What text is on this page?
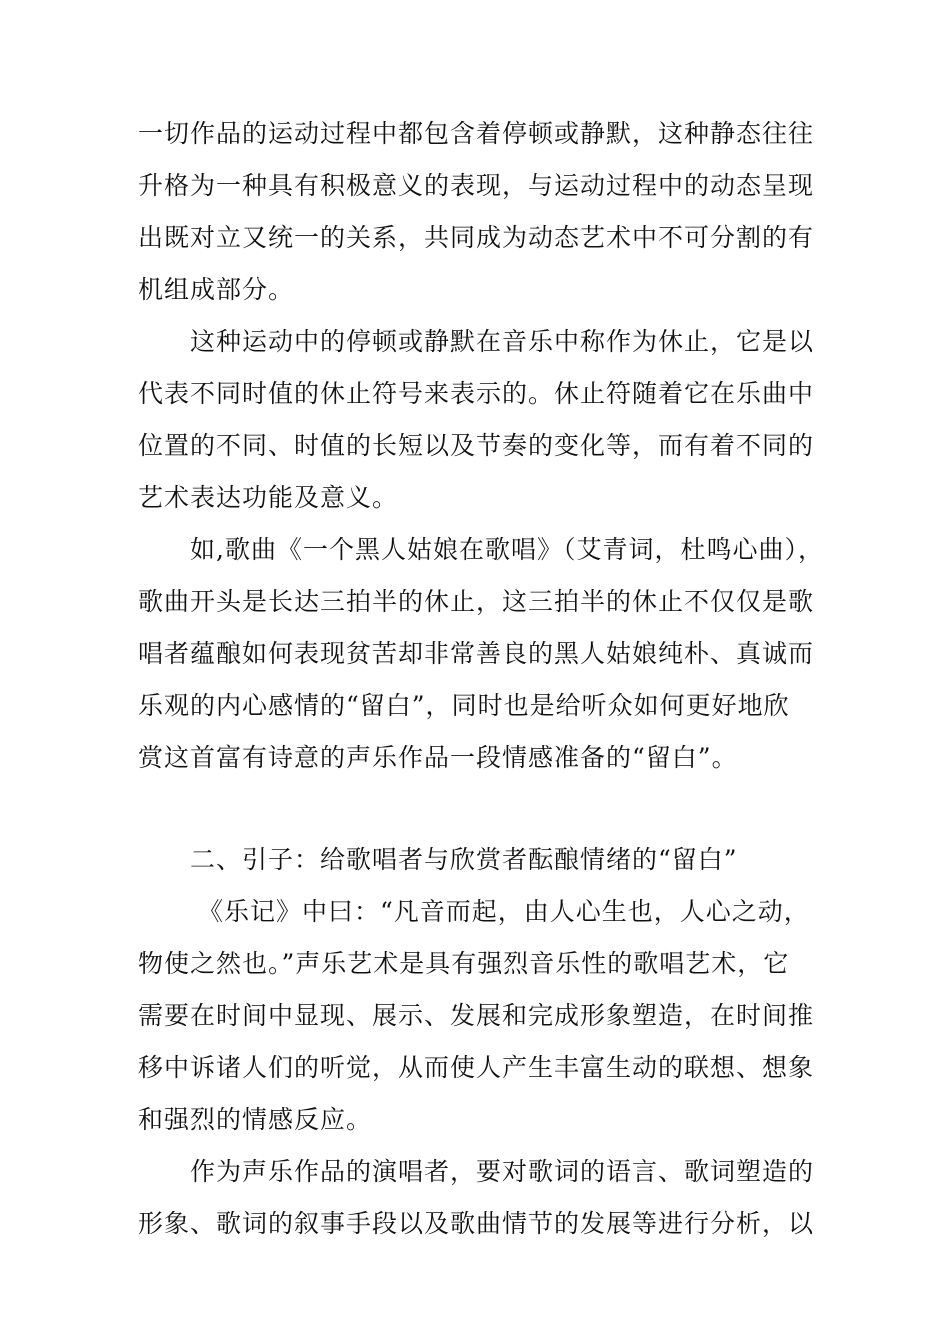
一切作品的运动过程中都包含着停顿或静默，这种静态往往
升格为一种具有积极意义的表现，与运动过程中的动态呈现
出既对立又统一的关系，共同成为动态艺术中不可分割的有
机组成部分。
这种运动中的停顿或静默在音乐中称作为休止，它是以
代表不同时值的休止符号来表示的。休止符随着它在乐曲中
位置的不同、时值的长短以及节奏的变化等，而有着不同的
艺术表达功能及意义。
如,歌曲《一个黑人姑娘在歌唱》（艾青词，杜鸣心曲），
歌曲开头是长达三拍半的休止，这三拍半的休止不仅仅是歌
唱者蕴酿如何表现贫苦却非常善良的黑人姑娘纯朴、真诚而
乐观的内心感情的“留白”，同时也是给听众如何更好地欣
赏这首富有诗意的声乐作品一段情感准备的“留白”。
二、引子：给歌唱者与欣赏者酝酿情绪的“留白”
《乐记》中曰：“凡音而起，由人心生也，人心之动，
物使之然也。”声乐艺术是具有强烈音乐性的歌唱艺术，它
需要在时间中显现、展示、发展和完成形象塑造，在时间推
移中诉诸人们的听觉，从而使人产生丰富生动的联想、想象
和强烈的情感反应。
作为声乐作品的演唱者，要对歌词的语言、歌词塑造的
形象、歌词的叙事手段以及歌曲情节的发展等进行分析，以
